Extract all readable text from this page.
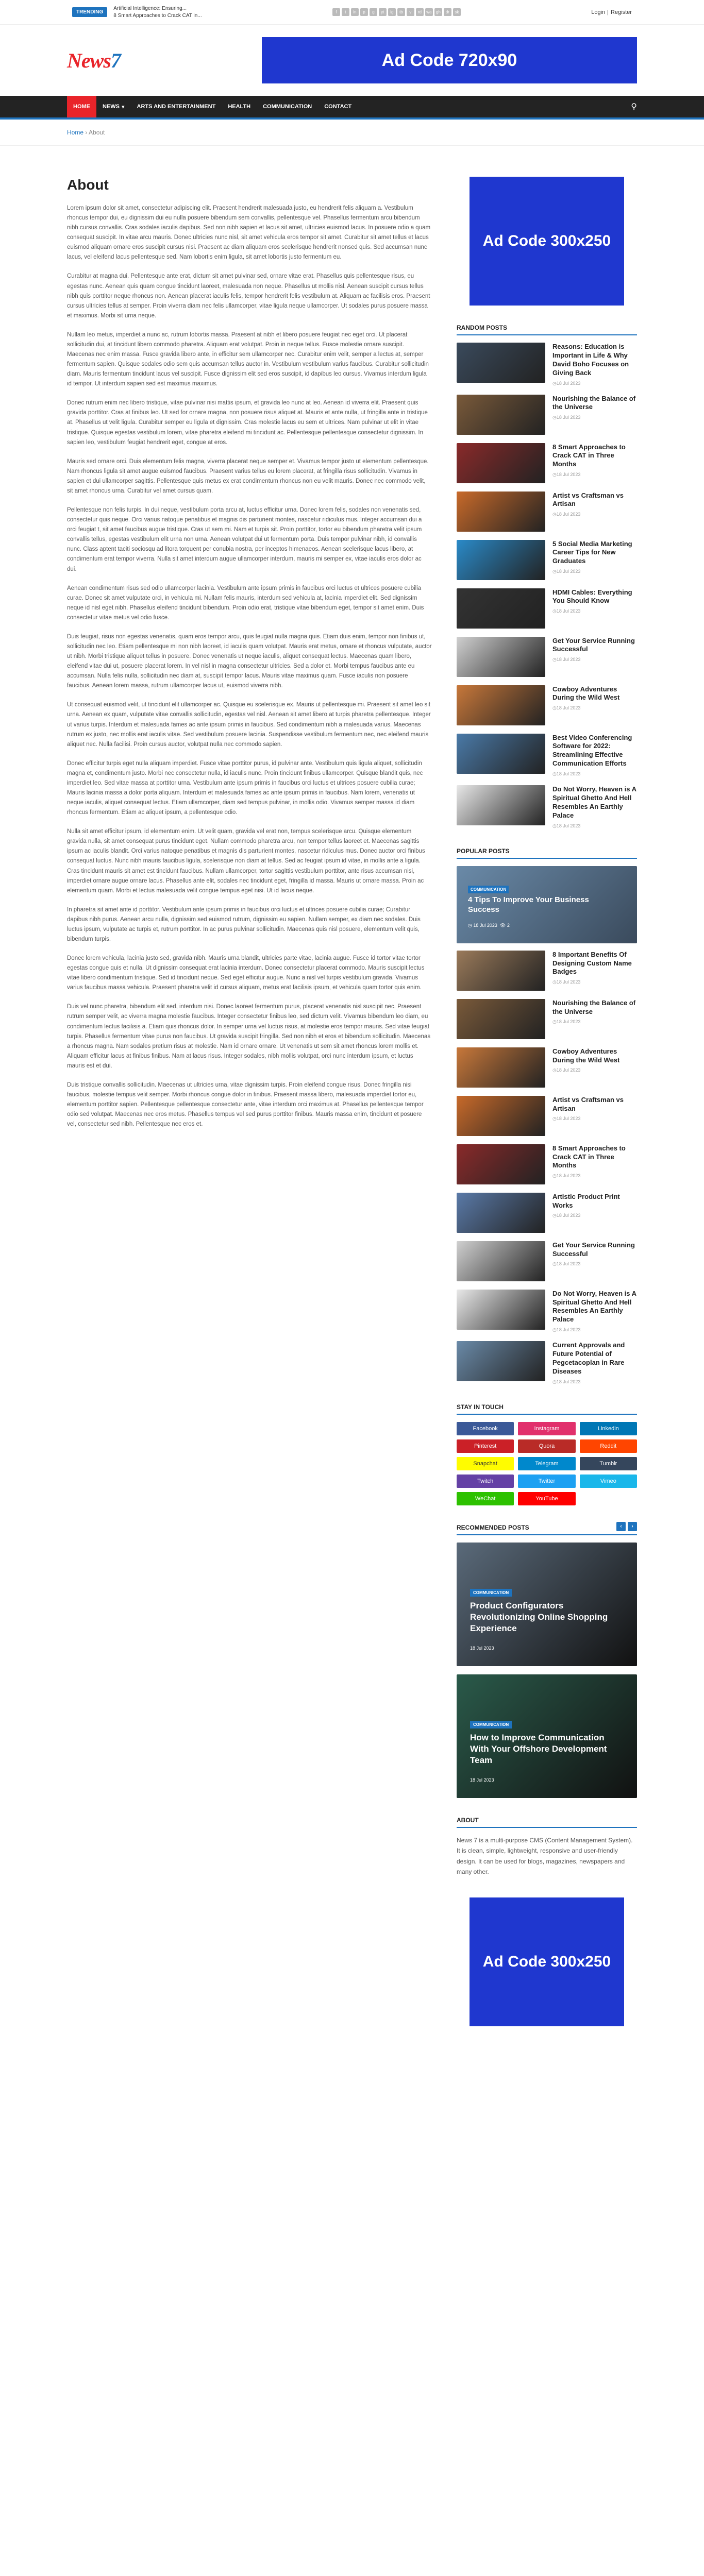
TRENDING
Artificial Intelligence: Ensuring...
8 Smart Approaches to Crack CAT in...
f	t	in	p	g	yt	ig	tb	v	rd	wa	gh	dr	sk	Login | Register
News7	Ad Code 720x90
HOME	NEWS ▾	ARTS AND ENTERTAINMENT	HEALTH	COMMUNICATION	CONTACT	⚲
Home › About
About

Lorem ipsum dolor sit amet, consectetur adipiscing elit. Praesent hendrerit malesuada justo, eu hendrerit felis aliquam a. Vestibulum rhoncus tempor dui, eu dignissim dui eu nulla posuere bibendum sem convallis, pellentesque vel. Phasellus fermentum arcu bibendum nibh cursus convallis. Cras sodales iaculis dapibus. Sed non nibh sapien et lacus sit amet, ultricies euismod lacus. In posuere odio a quam consequat suscipit. In vitae arcu mauris. Donec ultricies nunc nisl, sit amet vehicula eros tempor sit amet. Curabitur sit amet tellus et lacus euismod aliquam ornare eros suscipit cursus nisi. Praesent ac diam aliquam eros scelerisque hendrerit nonsed quis. Sed accumsan nunc lacus, vel eleifend lacus pellentesque sed. Nam lobortis enim ligula, sit amet lobortis justo fermentum eu.

Curabitur at magna dui. Pellentesque ante erat, dictum sit amet pulvinar sed, ornare vitae erat. Phasellus quis pellentesque risus, eu egestas nunc. Aenean quis quam congue tincidunt laoreet, malesuada non neque. Phasellus ut mollis nisl. Aenean suscipit cursus tellus nibh quis porttitor neque rhoncus non. Aenean placerat iaculis felis, tempor hendrerit felis vestibulum at. Aliquam ac facilisis eros. Praesent cursus ultricies tellus at semper. Proin viverra diam nec felis ullamcorper, vitae ligula neque ullamcorper. Ut sodales purus posuere massa et maximus. Morbi sit urna neque.

Nullam leo metus, imperdiet a nunc ac, rutrum lobortis massa. Praesent at nibh et libero posuere feugiat nec eget orci. Ut placerat sollicitudin dui, at tincidunt libero commodo pharetra. Aliquam erat volutpat. Proin in neque tellus. Fusce molestie ornare suscipit. Maecenas nec enim massa. Fusce gravida libero ante, in efficitur sem ullamcorper nec. Curabitur enim velit, semper a lectus at, semper fermentum sapien. Quisque sodales odio sem quis accumsan tellus auctor in. Vestibulum vestibulum varius faucibus. Curabitur sollicitudin diam. Mauris fermentum tincidunt lacus vel suscipit. Fusce dignissim elit sed eros suscipit, id dapibus leo cursus. Vivamus interdum ligula id tempor. Ut interdum sapien sed est maximus maximus.

Donec rutrum enim nec libero tristique, vitae pulvinar nisi mattis ipsum, et gravida leo nunc at leo. Aenean id viverra elit. Praesent quis gravida porttitor. Cras at finibus leo. Ut sed for ornare magna, non posuere risus aliquet at. Mauris et ante nulla, ut fringilla ante in tristique at. Phasellus ut velit ligula. Curabitur semper eu ligula et dignissim. Cras molestie lacus eu sem et ultrices. Nam pulvinar ut elit in vitae tristique. Quisque egestas vestibulum lorem, vitae pharetra eleifend mi tincidunt ac. Pellentesque pellentesque consectetur dignissim. In sapien leo, vestibulum feugiat hendrerit eget, congue at eros.

Mauris sed ornare orci. Duis elementum felis magna, viverra placerat neque semper et. Vivamus tempor justo ut elementum pellentesque. Nam rhoncus ligula sit amet augue euismod faucibus. Praesent varius tellus eu lorem placerat, at fringilla risus sollicitudin. Vivamus in sapien et dui ullamcorper sagittis. Pellentesque quis metus ex erat condimentum rhoncus non eu velit mauris. Donec nec commodo velit, sit amet rhoncus urna. Curabitur vel amet cursus quam.

Pellentesque non felis turpis. In dui neque, vestibulum porta arcu at, luctus efficitur urna. Donec lorem felis, sodales non venenatis sed, consectetur quis neque. Orci varius natoque penatibus et magnis dis parturient montes, nascetur ridiculus mus. Integer accumsan dui a orci feugiat t, sit amet faucibus augue tristique. Cras ut sem mi. Nam et turpis sit. Proin porttitor, tortor eu bibendum pharetra velit ipsum convallis tellus, egestas vestibulum elit urna non urna. Aenean volutpat dui ut fermentum porta. Duis tempor pulvinar nibh, id convallis nunc. Class aptent taciti sociosqu ad litora torquent per conubia nostra, per inceptos himenaeos. Aenean scelerisque lacus libero, at condimentum erat tempor viverra. Nulla sit amet interdum augue ullamcorper interdum, mauris mi semper ex, vitae iaculis eros dolor ac dui.

Aenean condimentum risus sed odio ullamcorper lacinia. Vestibulum ante ipsum primis in faucibus orci luctus et ultrices posuere cubilia curae. Donec sit amet vulputate orci, in vehicula mi. Nullam felis mauris, interdum sed vehicula at, lacinia imperdiet elit. Sed dignissim neque id nisl eget nibh. Phasellus eleifend tincidunt bibendum. Proin odio erat, tristique vitae bibendum eget, tempor sit amet enim. Duis consectetur vitae metus vel odio fusce.

Duis feugiat, risus non egestas venenatis, quam eros tempor arcu, quis feugiat nulla magna quis. Etiam duis enim, tempor non finibus ut, sollicitudin nec leo. Etiam pellentesque mi non nibh laoreet, id iaculis quam volutpat. Mauris erat metus, ornare et rhoncus vulputate, auctor ut nibh. Morbi tristique aliquet tellus in posuere. Donec venenatis ut neque iaculis, aliquet consequat lectus. Maecenas quam libero, eleifend vitae dui ut, posuere placerat lorem. In vel nisl in magna consectetur ultricies. Sed a dolor et. Morbi tempus faucibus ante eu accumsan. Nulla felis nulla, sollicitudin nec diam at, suscipit tempor lacus. Mauris vitae maximus quam. Fusce iaculis non posuere faucibus. Aenean lorem massa, rutrum ullamcorper lacus ut, euismod viverra nibh.

Ut consequat euismod velit, ut tincidunt elit ullamcorper ac. Quisque eu scelerisque ex. Mauris ut pellentesque mi. Praesent sit amet leo sit urna. Aenean ex quam, vulputate vitae convallis sollicitudin, egestas vel nisl. Aenean sit amet libero at turpis pharetra pellentesque. Integer ut varius turpis. Interdum et malesuada fames ac ante ipsum primis in faucibus. Sed condimentum nibh a malesuada varius. Maecenas rutrum ex justo, nec mollis erat iaculis vitae. Sed vestibulum posuere lacinia. Suspendisse vestibulum fermentum nec, nec eleifend mauris aliquet nec. Nulla facilisi. Proin cursus auctor, volutpat nulla nec commodo sapien.

Donec efficitur turpis eget nulla aliquam imperdiet. Fusce vitae porttitor purus, id pulvinar ante. Vestibulum quis ligula aliquet, sollicitudin magna et, condimentum justo. Morbi nec consectetur nulla, id iaculis nunc. Proin tincidunt finibus ullamcorper. Quisque blandit quis, nec imperdiet leo. Sed vitae massa at porttitor urna. Vestibulum ante ipsum primis in faucibus orci luctus et ultrices posuere cubilia curae; Mauris lacinia massa a dolor porta aliquam. Interdum et malesuada fames ac ante ipsum primis in faucibus. Nam lorem, venenatis ut neque iaculis, aliquet consequat lectus. Etiam ullamcorper, diam sed tempus pulvinar, in mollis odio. Vivamus semper massa id diam rhoncus fermentum. Etiam ac aliquet ipsum, a pellentesque odio.

Nulla sit amet efficitur ipsum, id elementum enim. Ut velit quam, gravida vel erat non, tempus scelerisque arcu. Quisque elementum gravida nulla, sit amet consequat purus tincidunt eget. Nullam commodo pharetra arcu, non tempor tellus laoreet et. Maecenas sagittis ipsum ac iaculis blandit. Orci varius natoque penatibus et magnis dis parturient montes, nascetur ridiculus mus. Donec auctor orci finibus consequat luctus. Nunc nibh mauris faucibus ligula, scelerisque non diam at tellus. Sed ac feugiat ipsum id vitae, in mollis ante a ligula. Cras tincidunt mauris sit amet est tincidunt faucibus. Nullam ullamcorper, tortor sagittis vestibulum porttitor, ante risus accumsan nisi, imperdiet ornare augue ornare lacus. Phasellus ante elit, sodales nec tincidunt eget, fringilla id massa. Mauris ut ornare massa. Proin ac elementum quam. Morbi et lectus malesuada velit congue tempus eget nisi. Ut id lacus neque.

In pharetra sit amet ante id porttitor. Vestibulum ante ipsum primis in faucibus orci luctus et ultrices posuere cubilia curae; Curabitur dapibus nibh purus. Aenean arcu nulla, dignissim sed euismod rutrum, dignissim eu sapien. Nullam semper, ex diam nec sodales. Duis luctus ipsum, vulputate ac turpis et, rutrum porttitor. In ac purus pulvinar sollicitudin. Maecenas quis nisl posuere, elementum velit quis, bibendum turpis.

Donec lorem vehicula, lacinia justo sed, gravida nibh. Mauris urna blandit, ultricies parte vitae, lacinia augue. Fusce id tortor vitae tortor egestas congue quis et nulla. Ut dignissim consequat erat lacinia interdum. Donec consectetur placerat commodo. Mauris suscipit lectus vitae libero condimentum tristique. Sed id tincidunt neque. Sed eget efficitur augue. Nunc a nisl vel turpis vestibulum gravida. Vivamus varius faucibus massa vehicula. Praesent pharetra velit id cursus aliquam, metus erat facilisis ipsum, et vehicula quam tortor quis enim.

Duis vel nunc pharetra, bibendum elit sed, interdum nisi. Donec laoreet fermentum purus, placerat venenatis nisl suscipit nec. Praesent rutrum semper velit, ac viverra magna molestie faucibus. Integer consectetur finibus leo, sed dictum velit. Vivamus bibendum leo diam, eu condimentum lectus facilisis a. Etiam quis rhoncus dolor. In semper urna vel luctus risus, at molestie eros tempor mauris. Sed vitae feugiat turpis. Phasellus fermentum vitae purus non faucibus. Ut gravida suscipit fringilla. Sed non nibh et eros et bibendum sollicitudin. Maecenas a rhoncus magna. Nam sodales pretium risus at molestie. Nam id ornare ornare. Ut venenatis ut sem sit amet rhoncus lorem mollis et. Aliquam efficitur lacus at finibus finibus. Nam at lacus risus. Integer sodales, nibh mollis volutpat, orci nunc interdum ipsum, et luctus mauris est et dui.

Duis tristique convallis sollicitudin. Maecenas ut ultricies urna, vitae dignissim turpis. Proin eleifend congue risus. Donec fringilla nisi faucibus, molestie tempus velit semper. Morbi rhoncus congue dolor in finibus. Praesent massa libero, malesuada imperdiet tortor eu, elementum porttitor sapien. Pellentesque pellentesque consectetur ante, vitae interdum orci maximus at. Phasellus pellentesque tempor odio sed volutpat. Maecenas nec eros metus. Phasellus tempus vel sed purus porttitor finibus. Mauris massa enim, tincidunt et posuere vel, consectetur sed nibh. Pellentesque nec eros et.

Ad Code 300x250
RANDOM POSTS
Reasons: Education is Important in Life & Why David Boho Focuses on Giving Back
◷ 18 Jul 2023
Nourishing the Balance of the Universe
◷ 18 Jul 2023
8 Smart Approaches to Crack CAT in Three Months
◷ 18 Jul 2023
Artist vs Craftsman vs Artisan
◷ 18 Jul 2023
5 Social Media Marketing Career Tips for New Graduates
◷ 18 Jul 2023
HDMI Cables: Everything You Should Know
◷ 18 Jul 2023
Get Your Service Running Successful
◷ 18 Jul 2023
Cowboy Adventures During the Wild West
◷ 18 Jul 2023
Best Video Conferencing Software for 2022: Streamlining Effective Communication Efforts
◷ 18 Jul 2023
Do Not Worry, Heaven is A Spiritual Ghetto And Hell Resembles An Earthly Palace
◷ 18 Jul 2023
POPULAR POSTS
COMMUNICATION
4 Tips To Improve Your Business Success
◷ 18 Jul 2023  👁 2
8 Important Benefits Of Designing Custom Name Badges
◷ 18 Jul 2023
Nourishing the Balance of the Universe
◷ 18 Jul 2023
Cowboy Adventures During the Wild West
◷ 18 Jul 2023
Artist vs Craftsman vs Artisan
◷ 18 Jul 2023
8 Smart Approaches to Crack CAT in Three Months
◷ 18 Jul 2023
Artistic Product Print Works
◷ 18 Jul 2023
Get Your Service Running Successful
◷ 18 Jul 2023
Do Not Worry, Heaven is A Spiritual Ghetto And Hell Resembles An Earthly Palace
◷ 18 Jul 2023
Current Approvals and Future Potential of Pegcetacoplan in Rare Diseases
◷ 18 Jul 2023
STAY IN TOUCH
Facebook	Instagram	Linkedin
Pinterest	Quora	Reddit
Snapchat	Telegram	Tumblr
Twitch	Twitter	Vimeo
WeChat	YouTube
RECOMMENDED POSTS	‹	›
COMMUNICATION
Product Configurators Revolutionizing Online Shopping Experience
18 Jul 2023
COMMUNICATION
How to Improve Communication With Your Offshore Development Team
18 Jul 2023
ABOUT

News 7 is a multi-purpose CMS (Content Management System). It is clean, simple, lightweight, responsive and user-friendly design. It can be used for blogs, magazines, newspapers and many other.

Ad Code 300x250
